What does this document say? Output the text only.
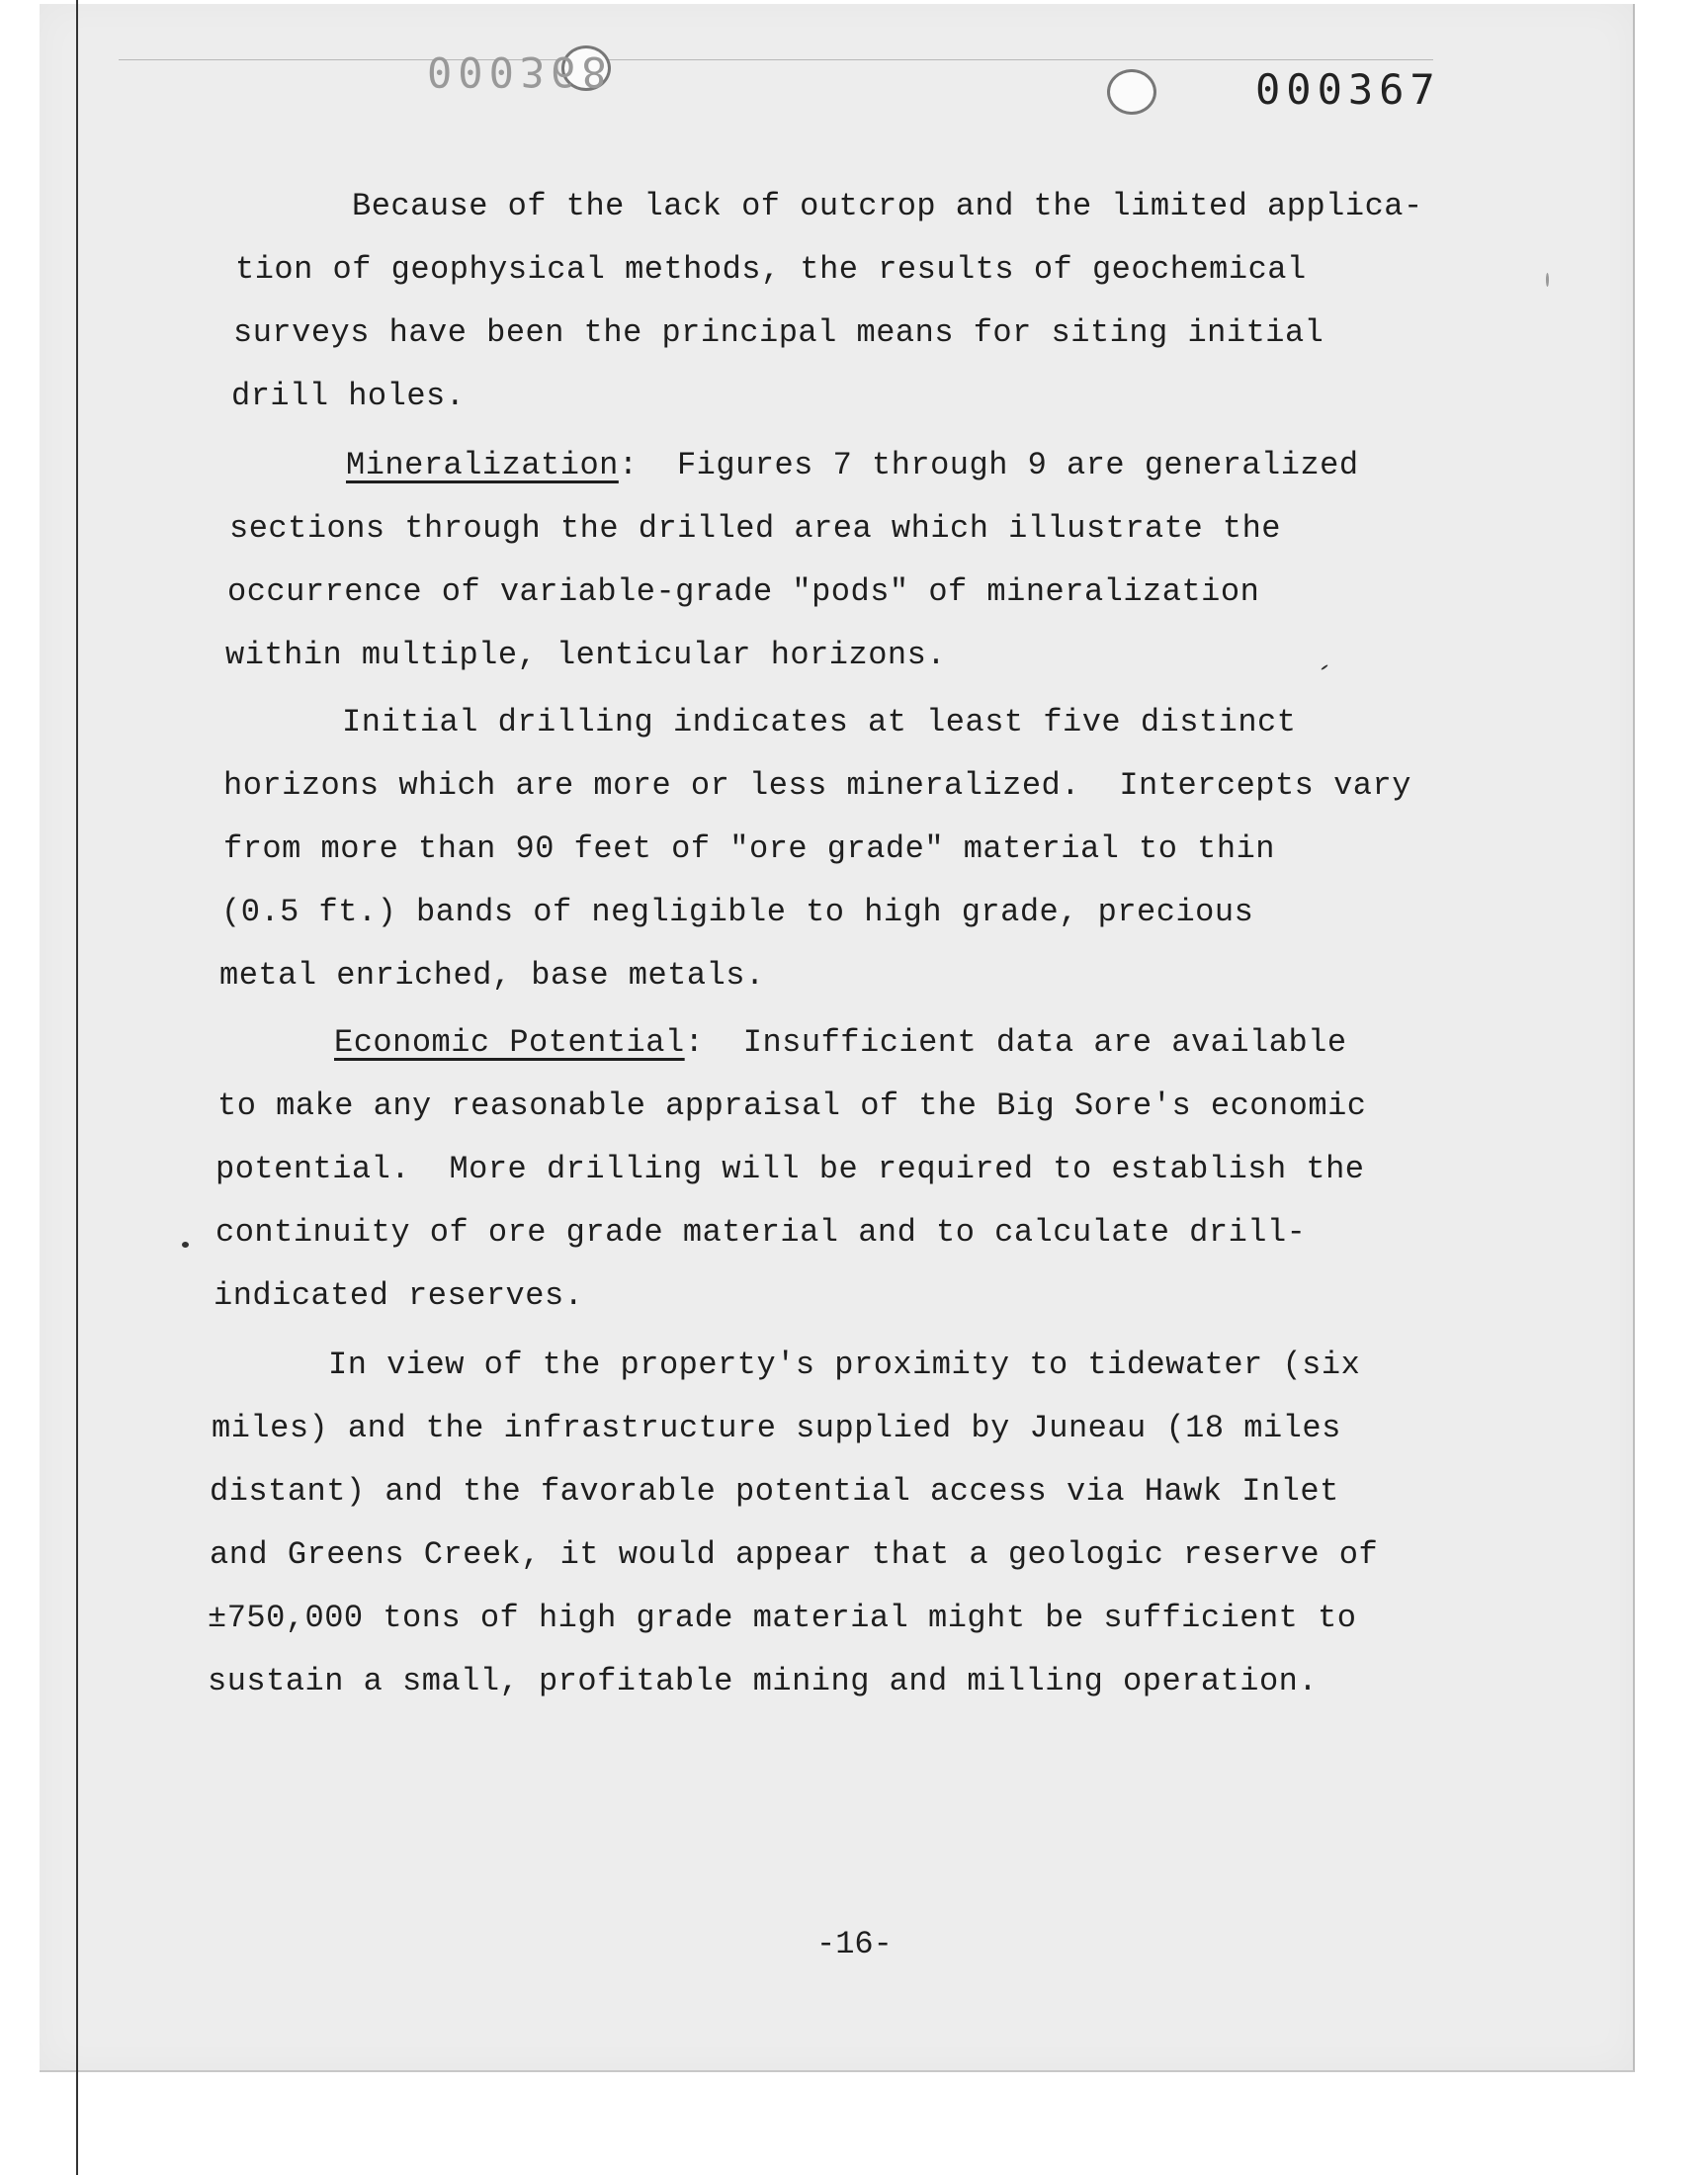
000368	000367
Because of the lack of outcrop and the limited applica-
tion of geophysical methods, the results of geochemical
surveys have been the principal means for siting initial
drill holes.
Mineralization:  Figures 7 through 9 are generalized
sections through the drilled area which illustrate the
occurrence of variable-grade "pods" of mineralization
within multiple, lenticular horizons.
Initial drilling indicates at least five distinct
horizons which are more or less mineralized.  Intercepts vary
from more than 90 feet of "ore grade" material to thin
(0.5 ft.) bands of negligible to high grade, precious
metal enriched, base metals.
Economic Potential:  Insufficient data are available
to make any reasonable appraisal of the Big Sore's economic
potential.  More drilling will be required to establish the
continuity of ore grade material and to calculate drill-
indicated reserves.
In view of the property's proximity to tidewater (six
miles) and the infrastructure supplied by Juneau (18 miles
distant) and the favorable potential access via Hawk Inlet
and Greens Creek, it would appear that a geologic reserve of
±750,000 tons of high grade material might be sufficient to
sustain a small, profitable mining and milling operation.
-16-
